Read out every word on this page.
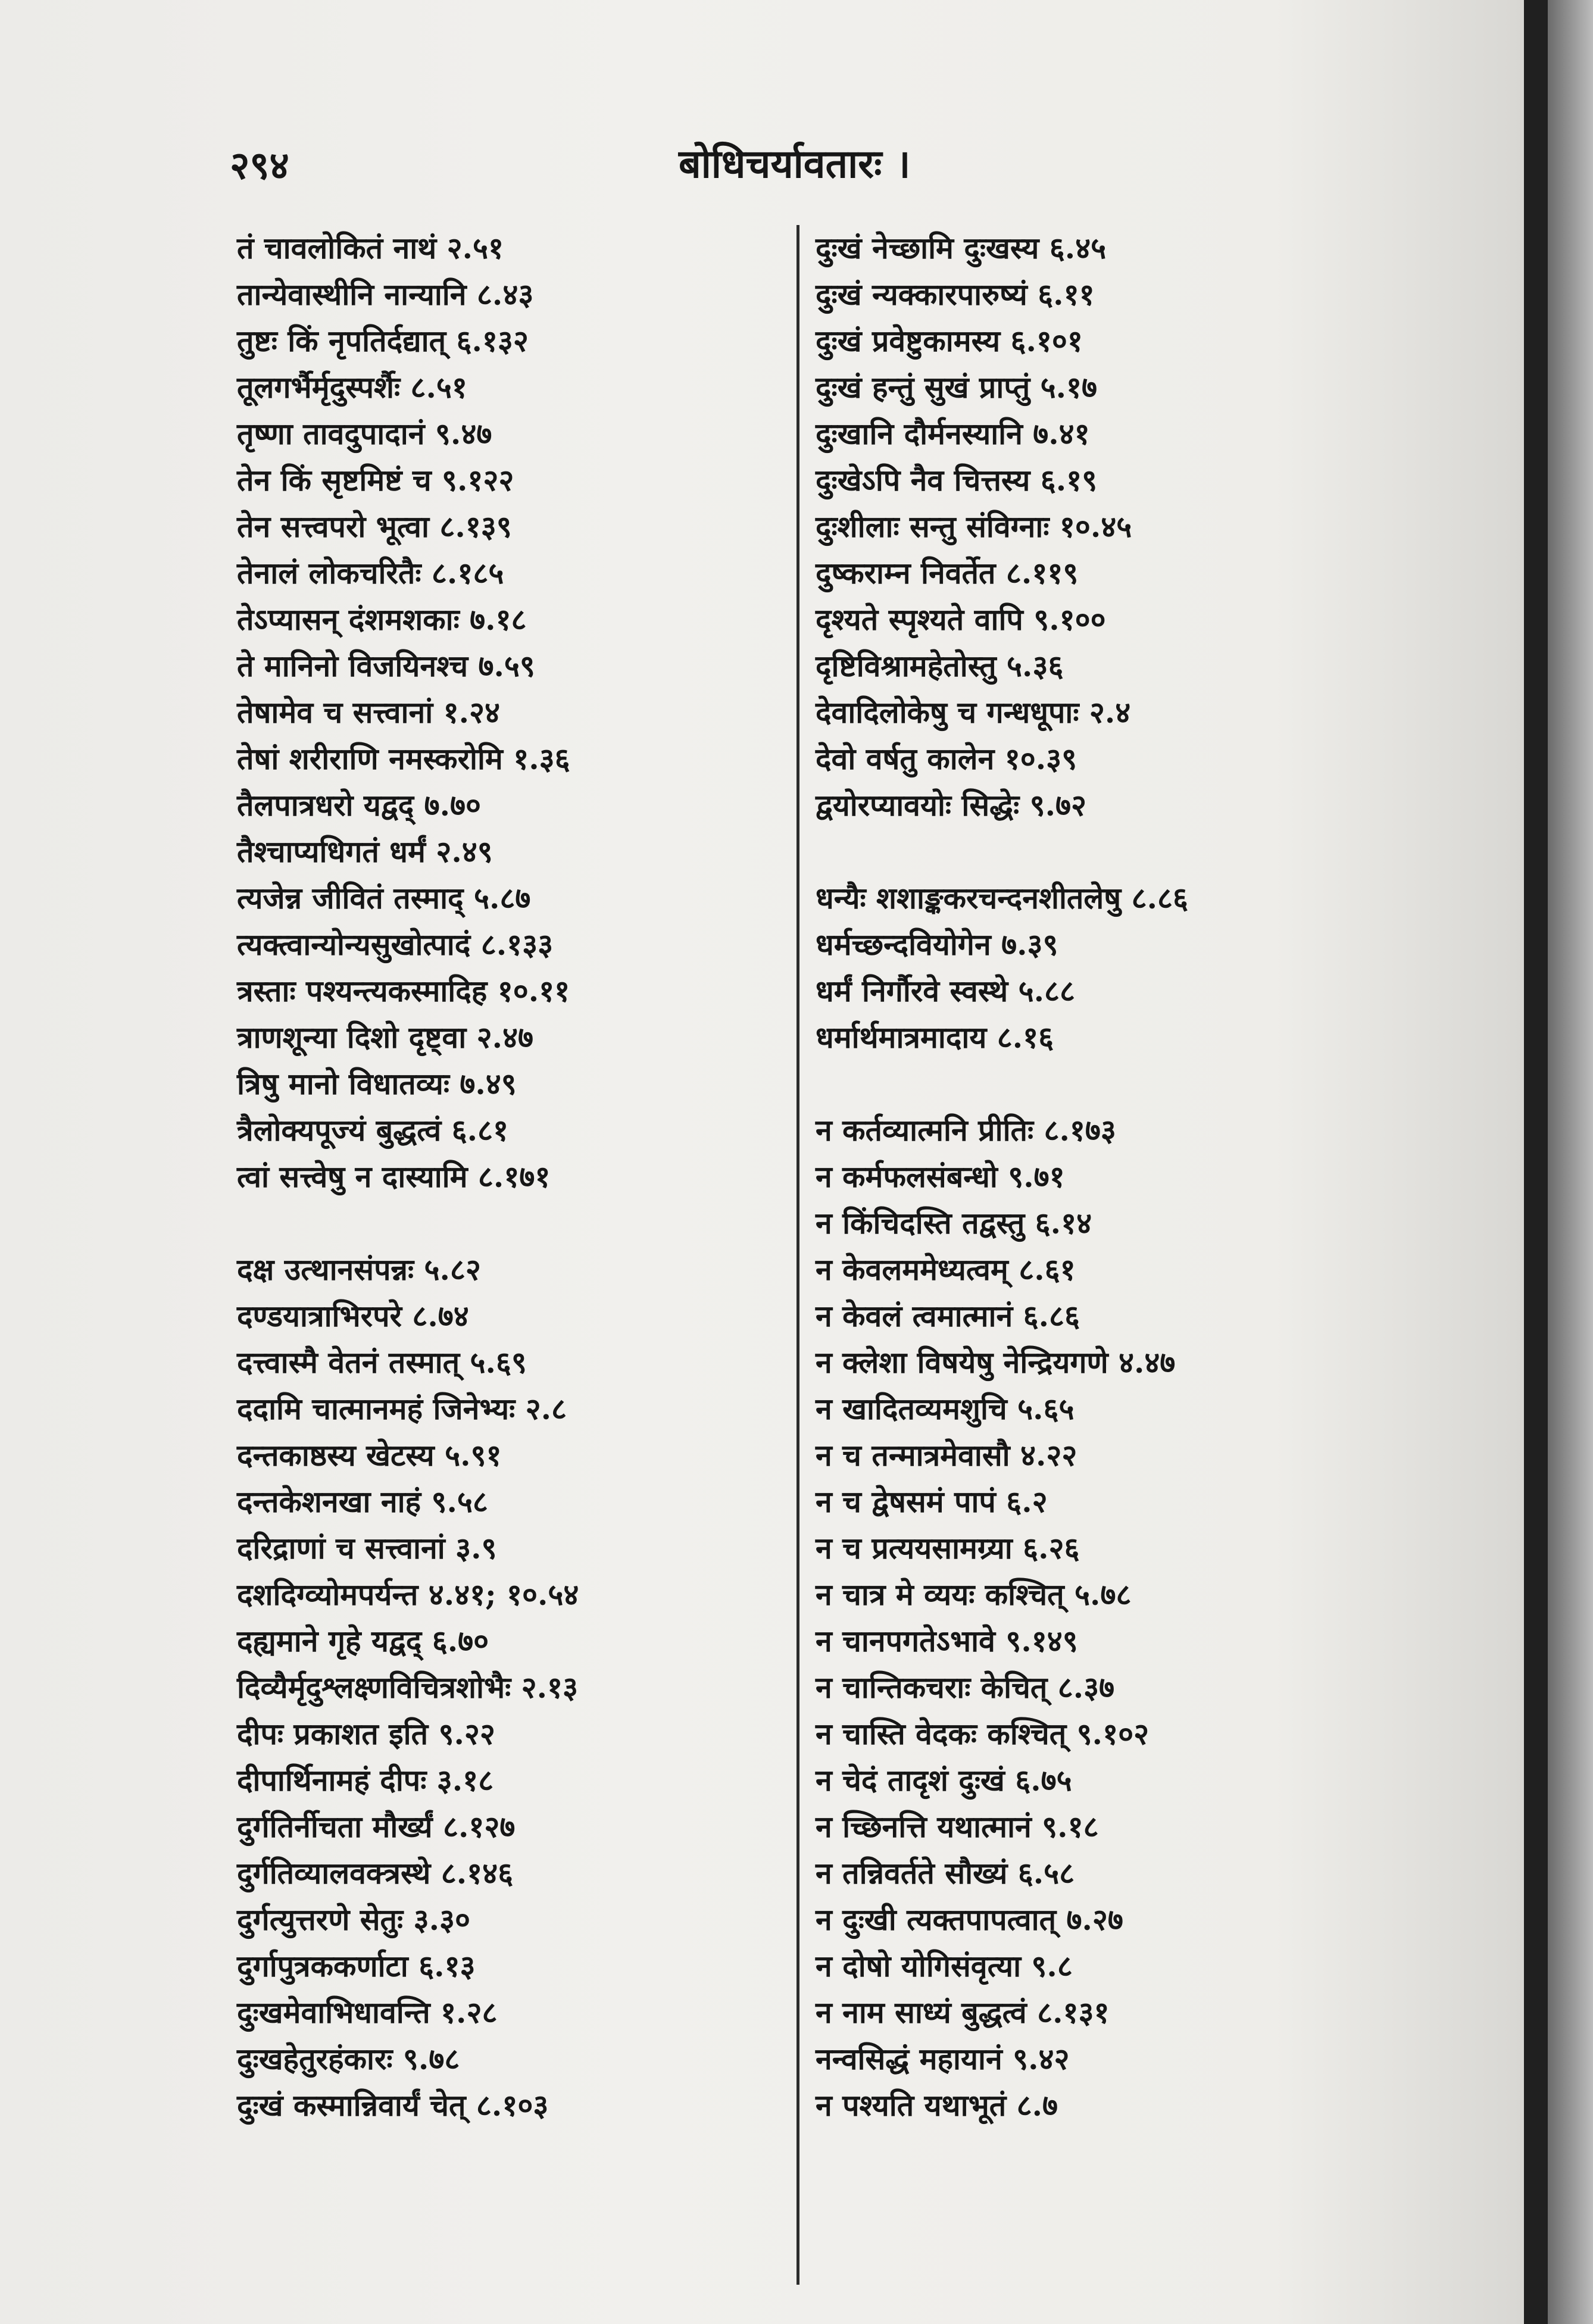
२९४	बोधिचर्यावतारः ।
तं चावलोकितं नाथं २.५१
तान्येवास्थीनि नान्यानि ८.४३
तुष्टः किं नृपतिर्दद्यात् ६.१३२
तूलगर्भैर्मृदुस्पर्शैः ८.५१
तृष्णा तावदुपादानं ९.४७
तेन किं सृष्टमिष्टं च ९.१२२
तेन सत्त्वपरो भूत्वा ८.१३९
तेनालं लोकचरितैः ८.१८५
तेऽप्यासन् दंशमशकाः ७.१८
ते मानिनो विजयिनश्च ७.५९
तेषामेव च सत्त्वानां १.२४
तेषां शरीराणि नमस्करोमि १.३६
तैलपात्रधरो यद्वद् ७.७०
तैश्चाप्यधिगतं धर्मं २.४९
त्यजेन्न जीवितं तस्माद् ५.८७
त्यक्त्वान्योन्यसुखोत्पादं ८.१३३
त्रस्ताः पश्यन्त्यकस्मादिह १०.११
त्राणशून्या दिशो दृष्ट्वा २.४७
त्रिषु मानो विधातव्यः ७.४९
त्रैलोक्यपूज्यं बुद्धत्वं ६.८१
त्वां सत्त्वेषु न दास्यामि ८.१७१
दक्ष उत्थानसंपन्नः ५.८२
दण्डयात्राभिरपरे ८.७४
दत्त्वास्मै वेतनं तस्मात् ५.६९
ददामि चात्मानमहं जिनेभ्यः २.८
दन्तकाष्ठस्य खेटस्य ५.९१
दन्तकेशनखा नाहं ९.५८
दरिद्राणां च सत्त्वानां ३.९
दशदिग्व्योमपर्यन्त ४.४१; १०.५४
दह्यमाने गृहे यद्वद् ६.७०
दिव्यैर्मृदुश्लक्ष्णविचित्रशोभैः २.१३
दीपः प्रकाशत इति ९.२२
दीपार्थिनामहं दीपः ३.१८
दुर्गतिर्नीचता मौर्ख्यं ८.१२७
दुर्गतिव्यालवक्त्रस्थे ८.१४६
दुर्गत्युत्तरणे सेतुः ३.३०
दुर्गापुत्रककर्णाटा ६.१३
दुःखमेवाभिधावन्ति १.२८
दुःखहेतुरहंकारः ९.७८
दुःखं कस्मान्निवार्यं चेत् ८.१०३
दुःखं नेच्छामि दुःखस्य ६.४५
दुःखं न्यक्कारपारुष्यं ६.११
दुःखं प्रवेष्टुकामस्य ६.१०१
दुःखं हन्तुं सुखं प्राप्तुं ५.१७
दुःखानि दौर्मनस्यानि ७.४१
दुःखेऽपि नैव चित्तस्य ६.१९
दुःशीलाः सन्तु संविग्नाः १०.४५
दुष्कराम्न निवर्तेत ८.११९
दृश्यते स्पृश्यते वापि ९.१००
दृष्टिविश्रामहेतोस्तु ५.३६
देवादिलोकेषु च गन्धधूपाः २.४
देवो वर्षतु कालेन १०.३९
द्वयोरप्यावयोः सिद्धेः ९.७२
धन्यैः शशाङ्ककरचन्दनशीतलेषु ८.८६
धर्मच्छन्दवियोगेन ७.३९
धर्मं निर्गौरवे स्वस्थे ५.८८
धर्मार्थमात्रमादाय ८.१६
न कर्तव्यात्मनि प्रीतिः ८.१७३
न कर्मफलसंबन्धो ९.७१
न किंचिदस्ति तद्वस्तु ६.१४
न केवलममेध्यत्वम् ८.६१
न केवलं त्वमात्मानं ६.८६
न क्लेशा विषयेषु नेन्द्रियगणे ४.४७
न खादितव्यमशुचि ५.६५
न च तन्मात्रमेवासौ ४.२२
न च द्वेषसमं पापं ६.२
न च प्रत्ययसामग्र्या ६.२६
न चात्र मे व्ययः कश्चित् ५.७८
न चानपगतेऽभावे ९.१४९
न चान्तिकचराः केचित् ८.३७
न चास्ति वेदकः कश्चित् ९.१०२
न चेदं तादृशं दुःखं ६.७५
न च्छिनत्ति यथात्मानं ९.१८
न तन्निवर्तते सौख्यं ६.५८
न दुःखी त्यक्तपापत्वात् ७.२७
न दोषो योगिसंवृत्या ९.८
न नाम साध्यं बुद्धत्वं ८.१३१
नन्वसिद्धं महायानं ९.४२
न पश्यति यथाभूतं ८.७
